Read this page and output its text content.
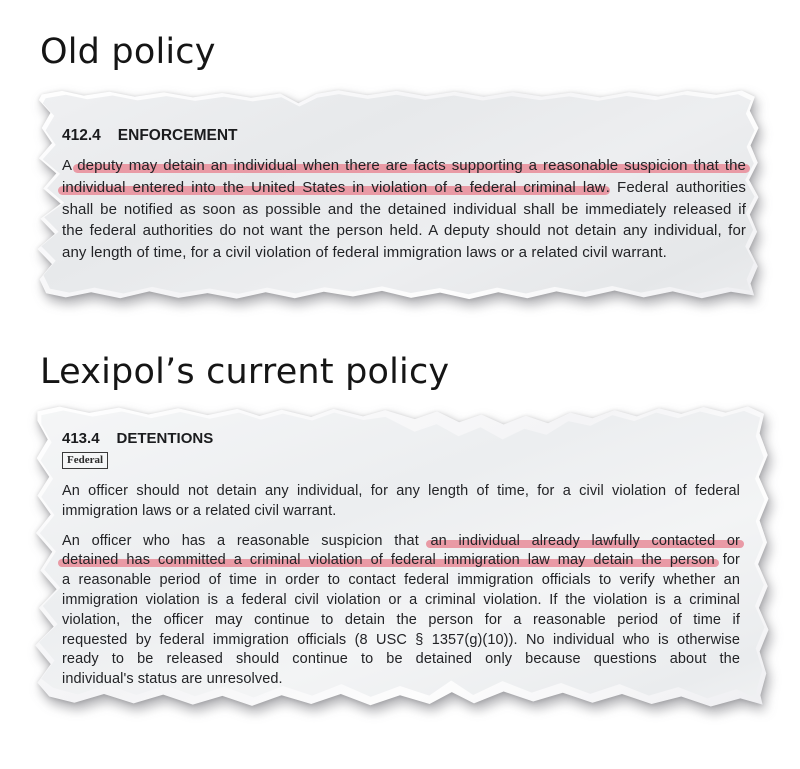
Old policy
412.4 ENFORCEMENT
A deputy may detain an individual when there are facts supporting a reasonable suspicion that the
individual entered into the United States in violation of a federal criminal law. Federal authorities
shall be notified as soon as possible and the detained individual shall be immediately released if
the federal authorities do not want the person held. A deputy should not detain any individual, for
any length of time, for a civil violation of federal immigration laws or a related civil warrant.
Lexipol’s current policy
413.4 DETENTIONS
Federal
An officer should not detain any individual, for any length of time, for a civil violation of federal
immigration laws or a related civil warrant.
An officer who has a reasonable suspicion that an individual already lawfully contacted or
detained has committed a criminal violation of federal immigration law may detain the person for
a reasonable period of time in order to contact federal immigration officials to verify whether an
immigration violation is a federal civil violation or a criminal violation. If the violation is a criminal
violation, the officer may continue to detain the person for a reasonable period of time if
requested by federal immigration officials (8 USC § 1357(g)(10)). No individual who is otherwise
ready to be released should continue to be detained only because questions about the
individual's status are unresolved.
